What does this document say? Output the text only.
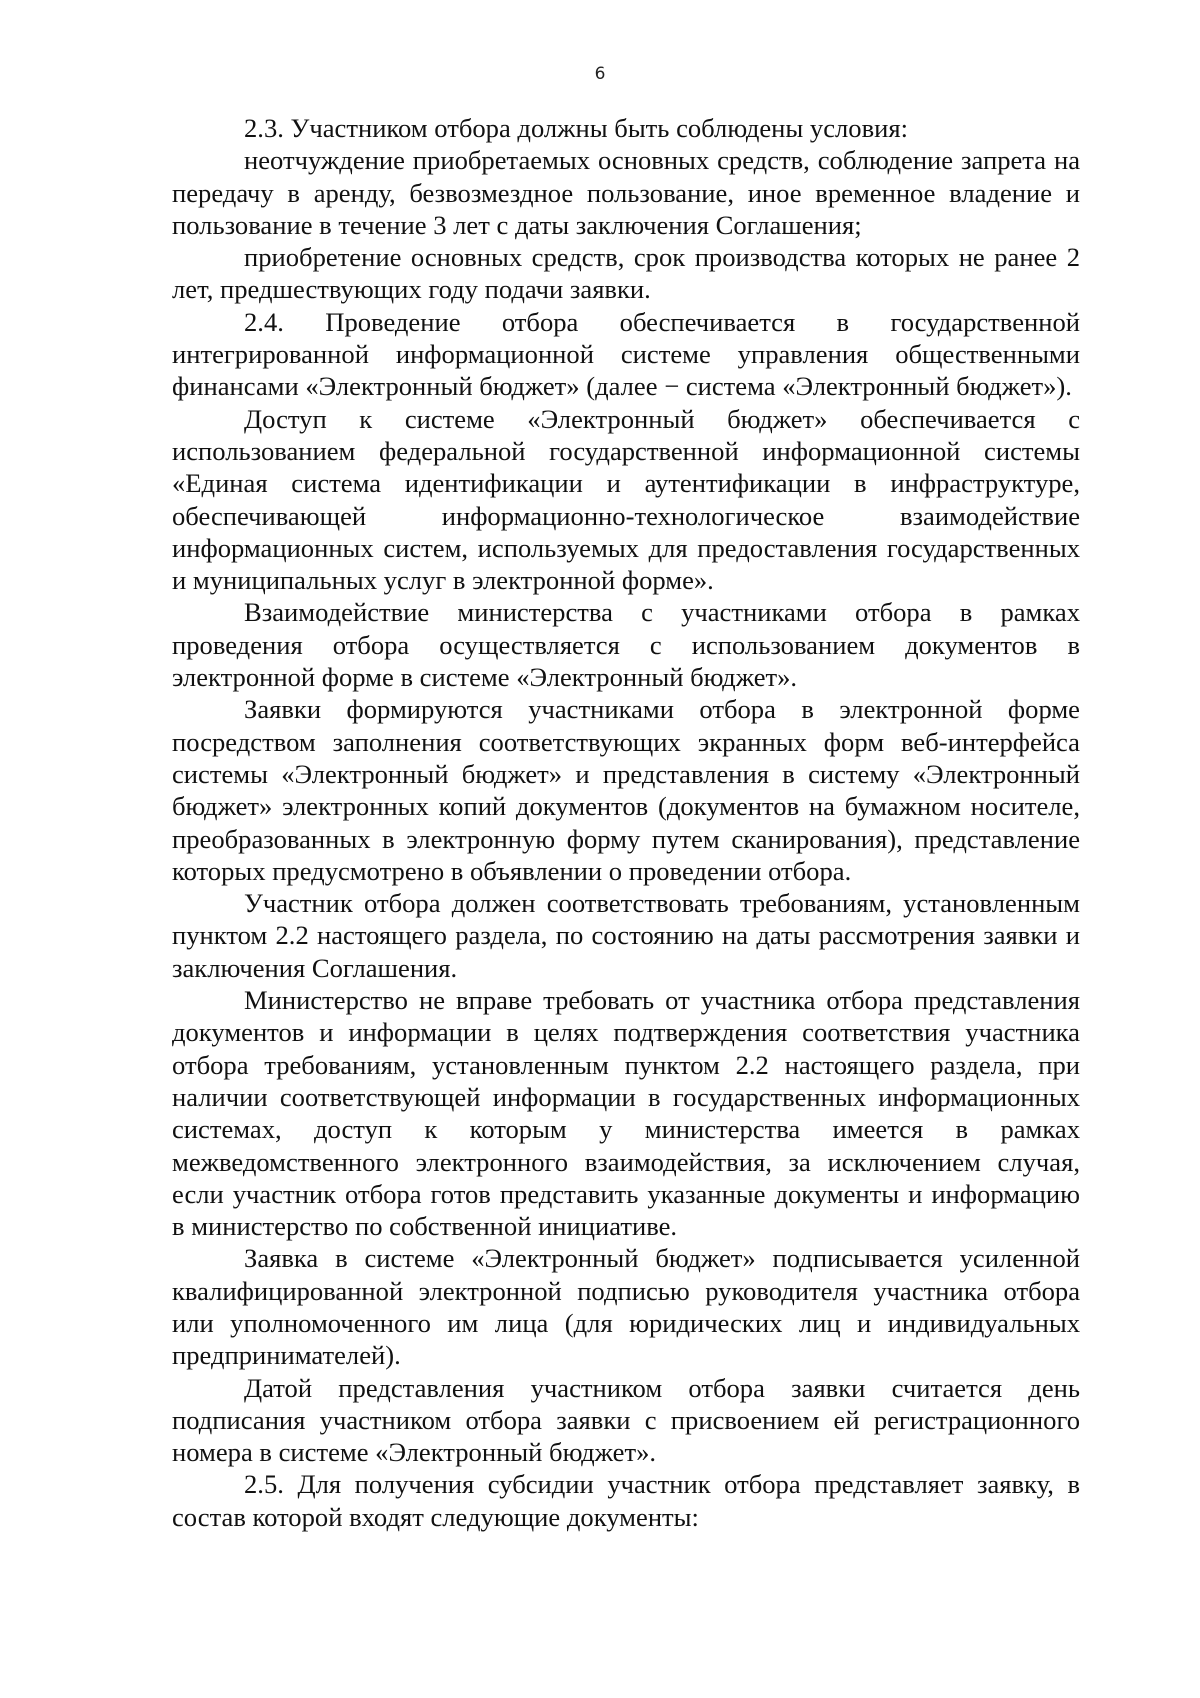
6

2.3. Участником отбора должны быть соблюдены условия:

неотчуждение приобретаемых основных средств, соблюдение запрета на передачу в аренду, безвозмездное пользование, иное временное владение и пользование в течение 3 лет с даты заключения Соглашения;

приобретение основных средств, срок производства которых не ранее 2 лет, предшествующих году подачи заявки.

2.4. Проведение отбора обеспечивается в государственной интегрированной информационной системе управления общественными финансами «Электронный бюджет» (далее − система «Электронный бюджет»).

Доступ к системе «Электронный бюджет» обеспечивается с использованием федеральной государственной информационной системы «Единая система идентификации и аутентификации в инфраструктуре, обеспечивающей информационно-технологическое взаимодействие информационных систем, используемых для предоставления государственных и муниципальных услуг в электронной форме».

Взаимодействие министерства с участниками отбора в рамках проведения отбора осуществляется с использованием документов в электронной форме в системе «Электронный бюджет».

Заявки формируются участниками отбора в электронной форме посредством заполнения соответствующих экранных форм веб-интерфейса системы «Электронный бюджет» и представления в систему «Электронный бюджет» электронных копий документов (документов на бумажном носителе, преобразованных в электронную форму путем сканирования), представление которых предусмотрено в объявлении о проведении отбора.

Участник отбора должен соответствовать требованиям, установленным пунктом 2.2 настоящего раздела, по состоянию на даты рассмотрения заявки и заключения Соглашения.

Министерство не вправе требовать от участника отбора представления документов и информации в целях подтверждения соответствия участника отбора требованиям, установленным пунктом 2.2 настоящего раздела, при наличии соответствующей информации в государственных информационных системах, доступ к которым у министерства имеется в рамках межведомственного электронного взаимодействия, за исключением случая, если участник отбора готов представить указанные документы и информацию в министерство по собственной инициативе.

Заявка в системе «Электронный бюджет» подписывается усиленной квалифицированной электронной подписью руководителя участника отбора или уполномоченного им лица (для юридических лиц и индивидуальных предпринимателей).

Датой представления участником отбора заявки считается день подписания участником отбора заявки с присвоением ей регистрационного номера в системе «Электронный бюджет».

2.5. Для получения субсидии участник отбора представляет заявку, в состав которой входят следующие документы:
